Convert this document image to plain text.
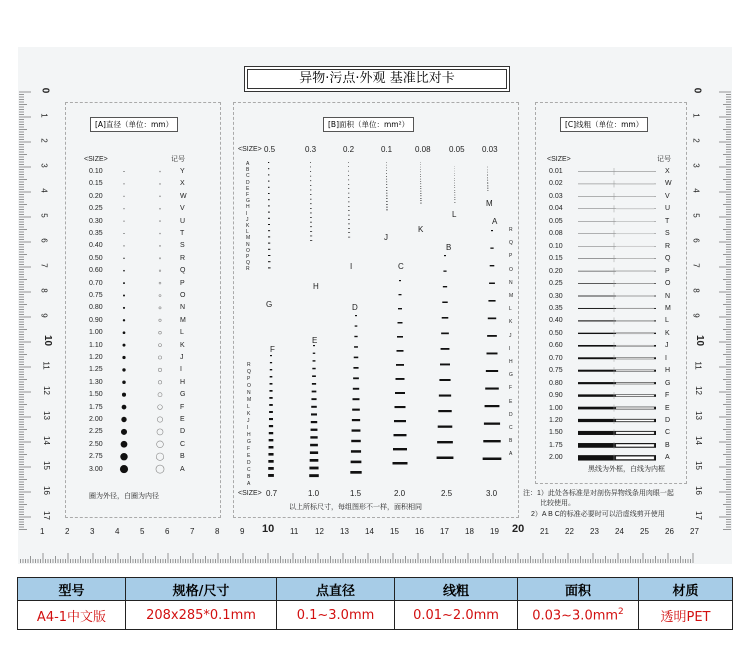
异物·污点·外观 基准比对卡
[A]直径（单位：mm）	[B]面积（单位：mm²）	[C]线粗（单位：mm）
1	2	3	4	5	6	7	8	9 10 11 12 13 14 15 16 17 18 19 20 21 22 23 24 25 26 27
0	0
1	1
2	2
3	3
4	4
5	5
6	6
7	7
8	8
9	9
10	10
11	11
12	12
13	13
14	14
15	15
16	16
17	17
<SIZE>	记号
0.10	Y
0.15	X
0.20	W
0.25	V
0.30	U
0.35	T
0.40	S
0.50	R
0.60	Q
0.70	P
0.75	O
0.80	N
0.90	M
1.00	L
1.10	K
1.20	J
1.25	I
1.30	H
1.50	G
1.75	F
2.00	E
2.25	D
2.50	C
2.75	B
3.00	A
圈为外径，白圈为内径
<SIZE>
<SIZE>
0.5	0.3	0.2	0.1	0.08 0.05 0.03
0.7	1.0	1.5	2.0	2.5	3.0
G
H
I
J
K
L
M
F
E
D
C
B
A
A
A
B
B
C
C
D
D
E
E
F
F
G
G
H
H
I
I
J
J
K
K
L
L
M
M
N
N
O
O
P
P
Q
Q
R
R
R
Q
P
O
N
M
L
K
J
I
H
G
F
E
D
C
B
A
以上所标尺寸，每组图形不一样，面积相同
<SIZE>	记号
0.01	X
0.02	W
0.03	V
0.04	U
0.05	T
0.08	S
0.10	R
0.15	Q
0.20	P
0.25	O
0.30	N
0.35	M
0.40	L
0.50	K
0.60	J
0.70	I
0.75	H
0.80	G
0.90	F
1.00	E
1.20	D
1.50	C
1.75	B
2.00	A
黑线为外框，白线为内框
注：1）此处各标准是对剖伤异物线条用肉眼一起
比较使用。
2）A B C的标准必要时可以沿虚线剪开使用
型号	规格/尺寸	点直径	线粗	面积	材质
A4-1中文版	208x285*0.1mm	0.1~3.0mm	0.01~2.0mm	$0.03\sim 3.0mm^2$	透明PET
